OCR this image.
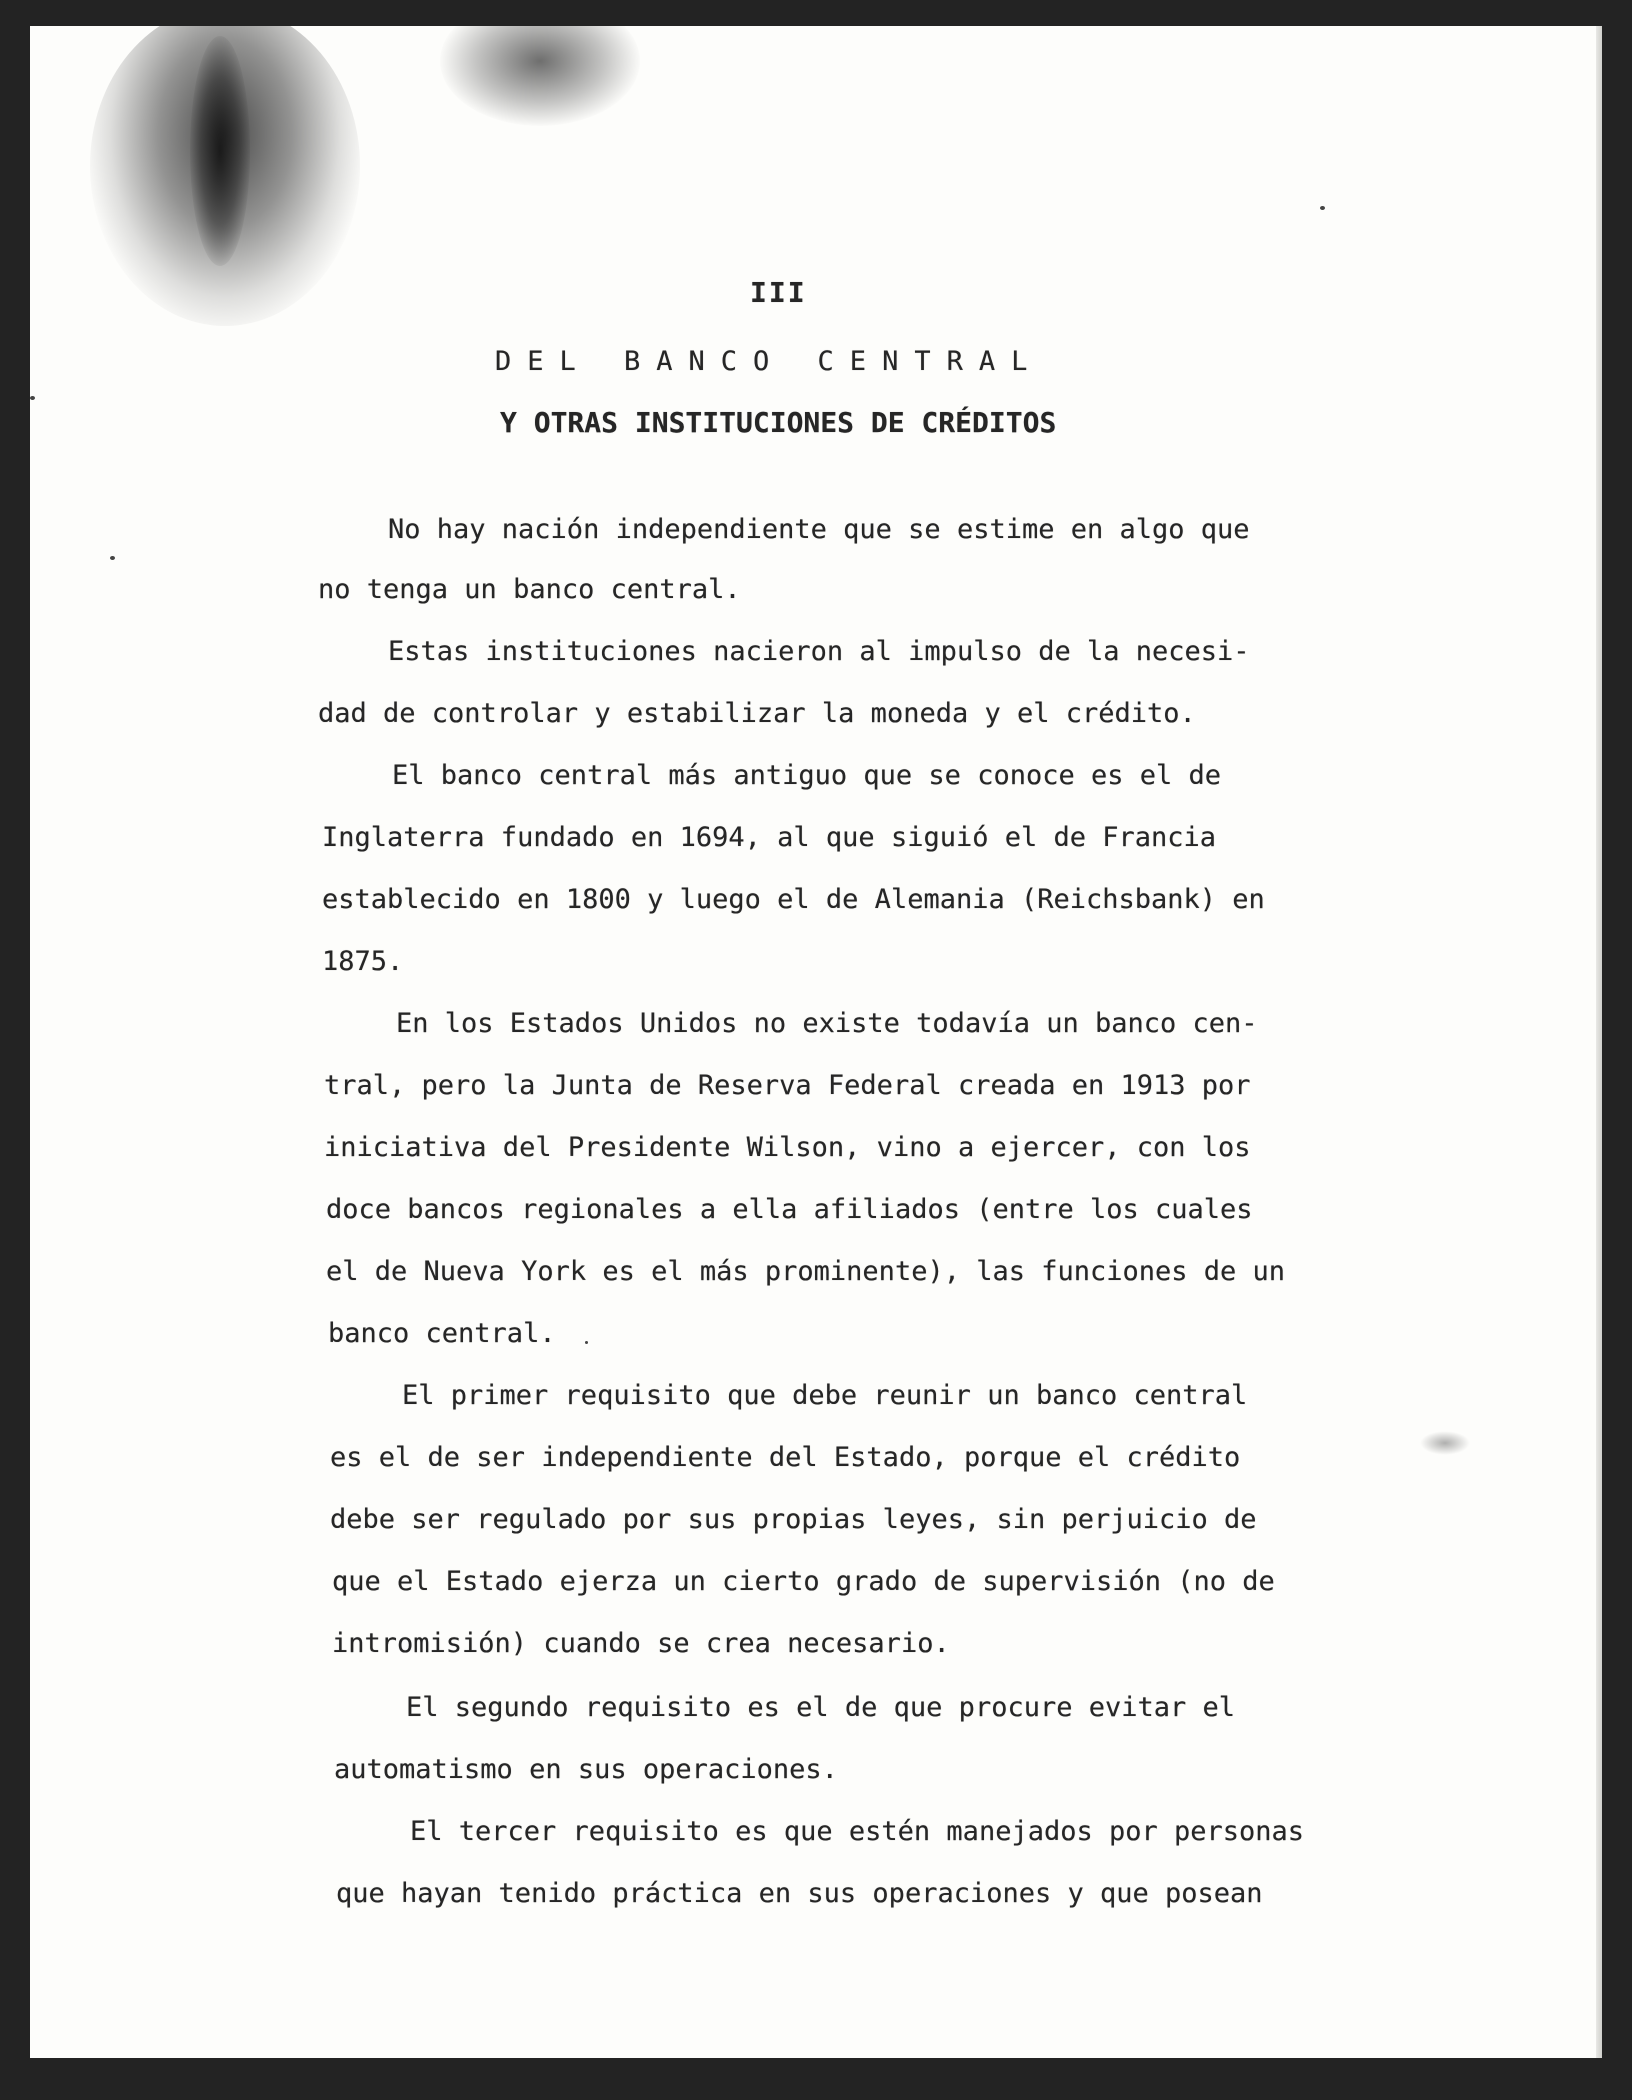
III
DEL BANCO CENTRAL
Y OTRAS INSTITUCIONES DE CRÉDITOS
No hay nación independiente que se estime en algo que
no tenga un banco central.
Estas instituciones nacieron al impulso de la necesi-
dad de controlar y estabilizar la moneda y el crédito.
El banco central más antiguo que se conoce es el de
Inglaterra fundado en 1694, al que siguió el de Francia
establecido en 1800 y luego el de Alemania (Reichsbank) en
1875.
En los Estados Unidos no existe todavía un banco cen-
tral, pero la Junta de Reserva Federal creada en 1913 por
iniciativa del Presidente Wilson, vino a ejercer, con los
doce bancos regionales a ella afiliados (entre los cuales
el de Nueva York es el más prominente), las funciones de un
banco central.
El primer requisito que debe reunir un banco central
es el de ser independiente del Estado, porque el crédito
debe ser regulado por sus propias leyes, sin perjuicio de
que el Estado ejerza un cierto grado de supervisión (no de
intromisión) cuando se crea necesario.
El segundo requisito es el de que procure evitar el
automatismo en sus operaciones.
El tercer requisito es que estén manejados por personas
que hayan tenido práctica en sus operaciones y que posean
